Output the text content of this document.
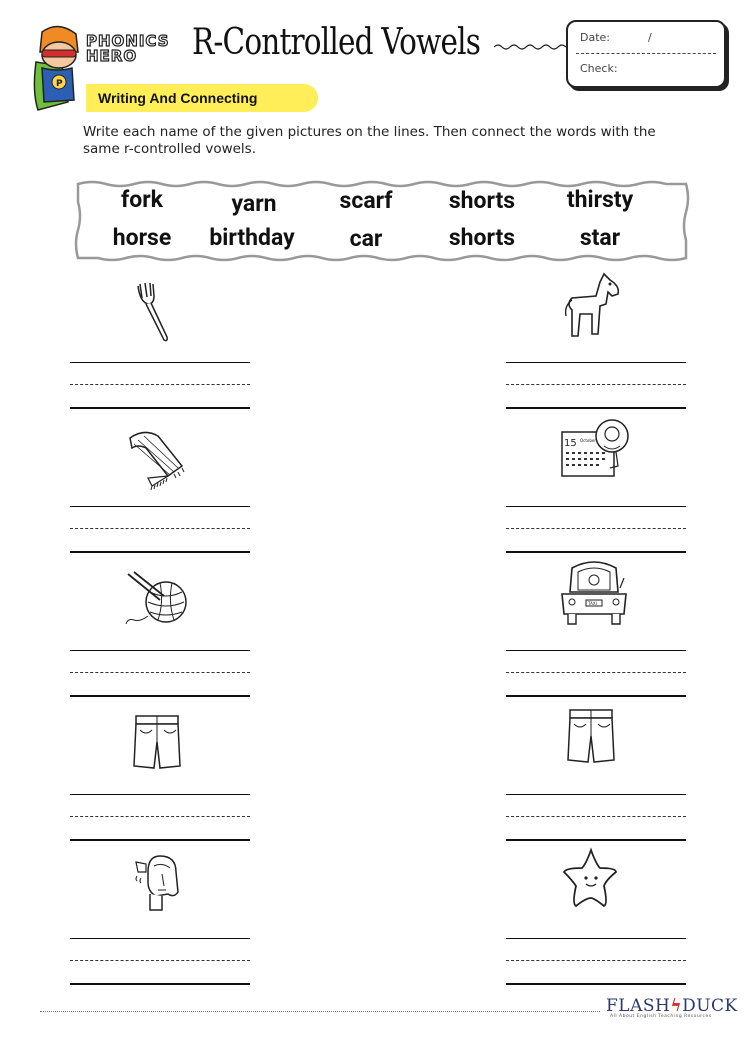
P
PHONICS
HERO	R-Controlled Vowels	Date:	/
Check:
Writing And Connecting
Write each name of the given pictures on the lines. Then connect the words with the same r-controlled vowels.
fork	yarn	scarf	shorts	thirsty
horse	birthday	car	shorts	star
15 October
TAXI
FLASHϟDUCK
All About English Teaching Resources
